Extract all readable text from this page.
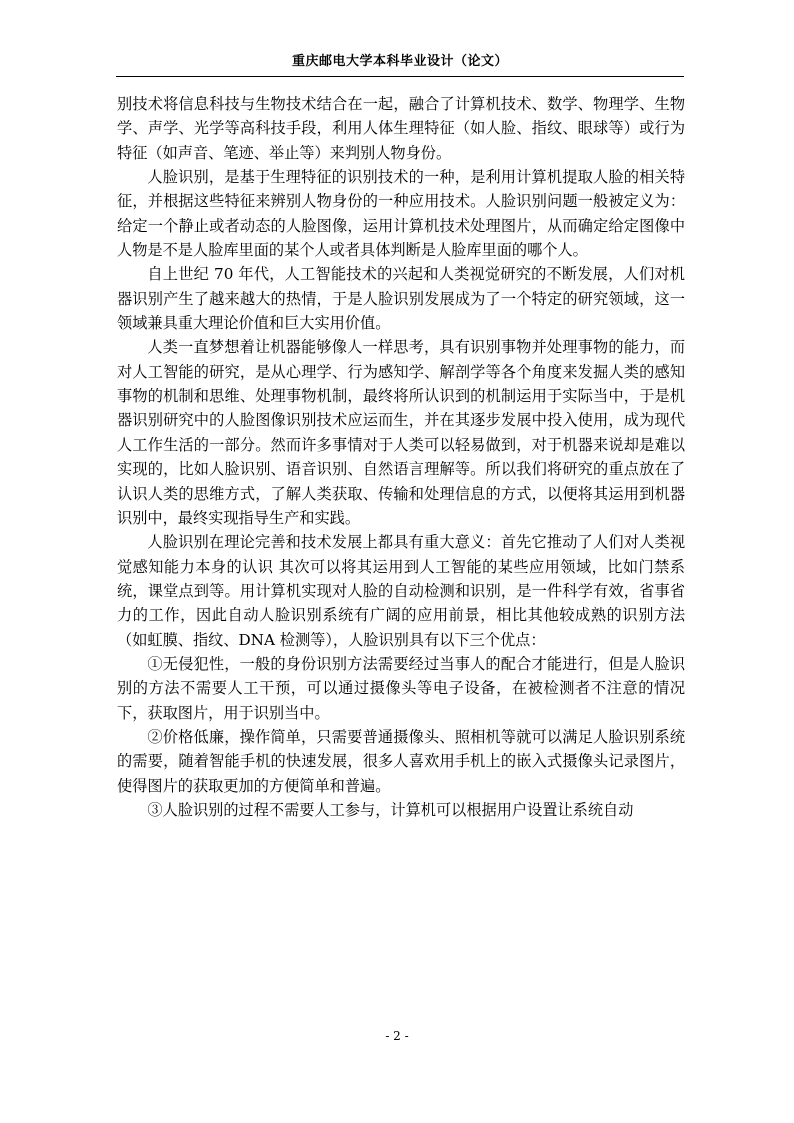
重庆邮电大学本科毕业设计（论文）

别技术将信息科技与生物技术结合在一起，融合了计算机技术、数学、物理学、生物学、声学、光学等高科技手段，利用人体生理特征（如人脸、指纹、眼球等）或行为特征（如声音、笔迹、举止等）来判别人物身份。

人脸识别，是基于生理特征的识别技术的一种，是利用计算机提取人脸的相关特征，并根据这些特征来辨别人物身份的一种应用技术。人脸识别问题一般被定义为：给定一个静止或者动态的人脸图像，运用计算机技术处理图片，从而确定给定图像中人物是不是人脸库里面的某个人或者具体判断是人脸库里面的哪个人。

自上世纪 70 年代，人工智能技术的兴起和人类视觉研究的不断发展，人们对机器识别产生了越来越大的热情，于是人脸识别发展成为了一个特定的研究领域，这一领域兼具重大理论价值和巨大实用价值。

人类一直梦想着让机器能够像人一样思考，具有识别事物并处理事物的能力，而对人工智能的研究，是从心理学、行为感知学、解剖学等各个角度来发掘人类的感知事物的机制和思维、处理事物机制，最终将所认识到的机制运用于实际当中，于是机器识别研究中的人脸图像识别技术应运而生，并在其逐步发展中投入使用，成为现代人工作生活的一部分。然而许多事情对于人类可以轻易做到，对于机器来说却是难以实现的，比如人脸识别、语音识别、自然语言理解等。所以我们将研究的重点放在了认识人类的思维方式，了解人类获取、传输和处理信息的方式，以便将其运用到机器识别中，最终实现指导生产和实践。

人脸识别在理论完善和技术发展上都具有重大意义：首先它推动了人们对人类视觉感知能力本身的认识 其次可以将其运用到人工智能的某些应用领域，比如门禁系统，课堂点到等。用计算机实现对人脸的自动检测和识别，是一件科学有效，省事省力的工作，因此自动人脸识别系统有广阔的应用前景，相比其他较成熟的识别方法（如虹膜、指纹、DNA 检测等），人脸识别具有以下三个优点：

①无侵犯性，一般的身份识别方法需要经过当事人的配合才能进行，但是人脸识别的方法不需要人工干预，可以通过摄像头等电子设备，在被检测者不注意的情况下，获取图片，用于识别当中。

②价格低廉，操作简单，只需要普通摄像头、照相机等就可以满足人脸识别系统的需要，随着智能手机的快速发展，很多人喜欢用手机上的嵌入式摄像头记录图片，使得图片的获取更加的方便简单和普遍。

③人脸识别的过程不需要人工参与，计算机可以根据用户设置让系统自动

- 2 -
